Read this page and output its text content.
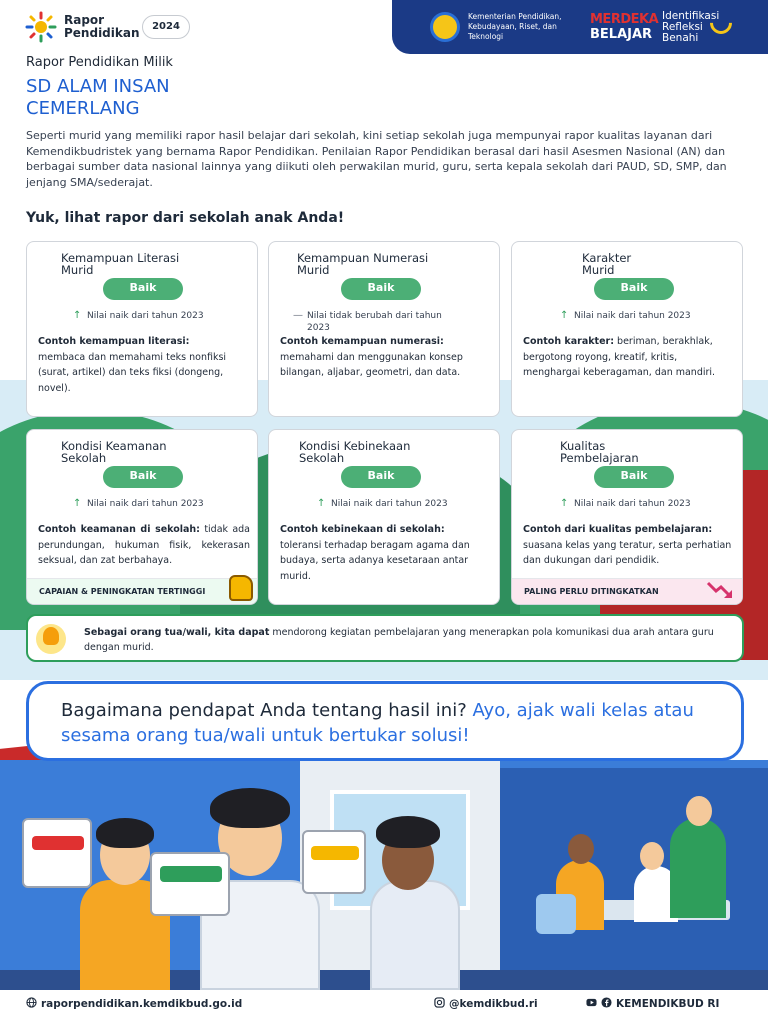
Rapor
Pendidikan	2024
Kementerian Pendidikan, Kebudayaan, Riset, dan Teknologi
MERDEKA
BELAJAR
Identifikasi
Refleksi
Benahi
Rapor Pendidikan Milik
SD ALAM INSAN CEMERLANG

Seperti murid yang memiliki rapor hasil belajar dari sekolah, kini setiap sekolah juga mempunyai rapor kualitas layanan dari Kemendikbudristek yang bernama Rapor Pendidikan. Penilaian Rapor Pendidikan berasal dari hasil Asesmen Nasional (AN) dan berbagai sumber data nasional lainnya yang diikuti oleh perwakilan murid, guru, serta kepala sekolah dari PAUD, SD, SMP, dan jenjang SMA/sederajat.

Yuk, lihat rapor dari sekolah anak Anda!
Kemampuan Literasi Murid
Baik
↑ Nilai naik dari tahun 2023
Contoh kemampuan literasi:
membaca dan memahami teks nonfiksi (surat, artikel) dan teks fiksi (dongeng, novel).
Kemampuan Numerasi Murid
Baik
— Nilai tidak berubah dari tahun 2023
Contoh kemampuan numerasi:
memahami dan menggunakan konsep bilangan, aljabar, geometri, dan data.
Karakter Murid
Baik
↑ Nilai naik dari tahun 2023
Contoh karakter: beriman, berakhlak, bergotong royong, kreatif, kritis, menghargai keberagaman, dan mandiri.
Kondisi Keamanan Sekolah
Baik
↑ Nilai naik dari tahun 2023
Contoh keamanan di sekolah: tidak ada perundungan, hukuman fisik, kekerasan seksual, dan zat berbahaya.
CAPAIAN & PENINGKATAN TERTINGGI
Kondisi Kebinekaan Sekolah
Baik
↑ Nilai naik dari tahun 2023
Contoh kebinekaan di sekolah:
toleransi terhadap beragam agama dan budaya, serta adanya kesetaraan antar murid.
Kualitas Pembelajaran
Baik
↑ Nilai naik dari tahun 2023
Contoh dari kualitas pembelajaran:
suasana kelas yang teratur, serta perhatian dan dukungan dari pendidik.
PALING PERLU DITINGKATKAN

Sebagai orang tua/wali, kita dapat mendorong kegiatan pembelajaran yang menerapkan pola komunikasi dua arah antara guru dengan murid.

Bagaimana pendapat Anda tentang hasil ini? Ayo, ajak wali kelas atau sesama orang tua/wali untuk bertukar solusi!

raporpendidikan.kemdikbud.go.id	@kemdikbud.ri	KEMENDIKBUD RI
